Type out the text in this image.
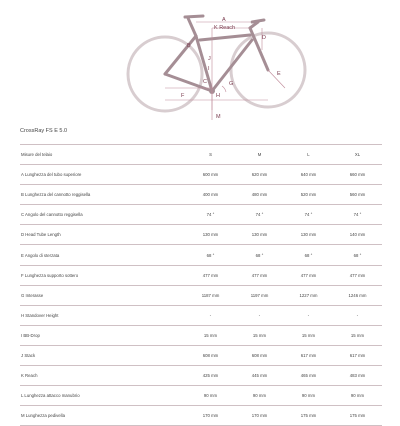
A
K Reach
D
B
J
I
C	G
E
F	H
M
CrossRay FS E 5.0
Misure del telaio	S	M	L	XL
A Lunghezza del tubo superiore	600 mm	620 mm	640 mm	660 mm
B Lunghezza del cannotto reggisella	400 mm	480 mm	520 mm	560 mm
C Angolo del cannotto reggisella	74 °	74 °	74 °	74 °
D Head Tube Length	130 mm	130 mm	130 mm	140 mm
E Angolo di sterzata	68 °	68 °	68 °	68 °
F Lunghezza supporto sottero	477 mm	477 mm	477 mm	477 mm
G Interasse	1187 mm	1197 mm	1227 mm	1246 mm
H Standover Height	-	-	-	-
I BB-Drop	15 mm	15 mm	15 mm	15 mm
J Stack	608 mm	608 mm	617 mm	617 mm
K Reach	425 mm	445 mm	465 mm	483 mm
L Lunghezza attacco manubrio	90 mm	90 mm	90 mm	90 mm
M Lunghezza pedivella	170 mm	170 mm	175 mm	175 mm
